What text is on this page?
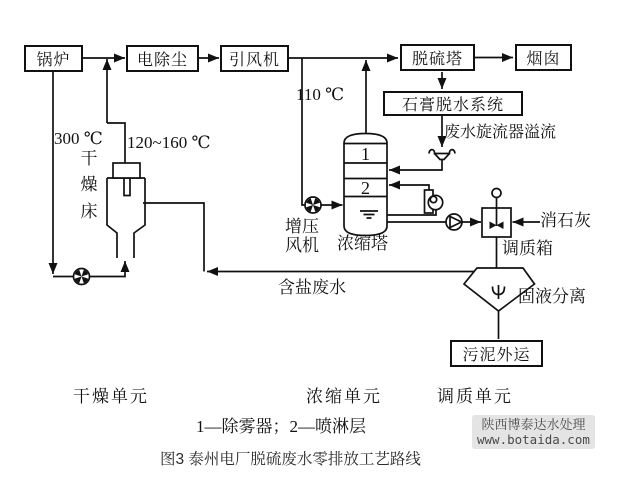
锅炉	电除尘	引风机	脱硫塔	烟囱
石膏脱水系统
污泥外运
300 ℃ 120~160 ℃
110 ℃
干燥床
增压风机 浓缩塔
废水旋流器溢流
消石灰
调质箱
含盐废水	固液分离
1
2
干燥单元	浓缩单元	调质单元
1—除雾器；2—喷淋层
图3 泰州电厂脱硫废水零排放工艺路线
陕西博泰达水处理
www.botaida.com
